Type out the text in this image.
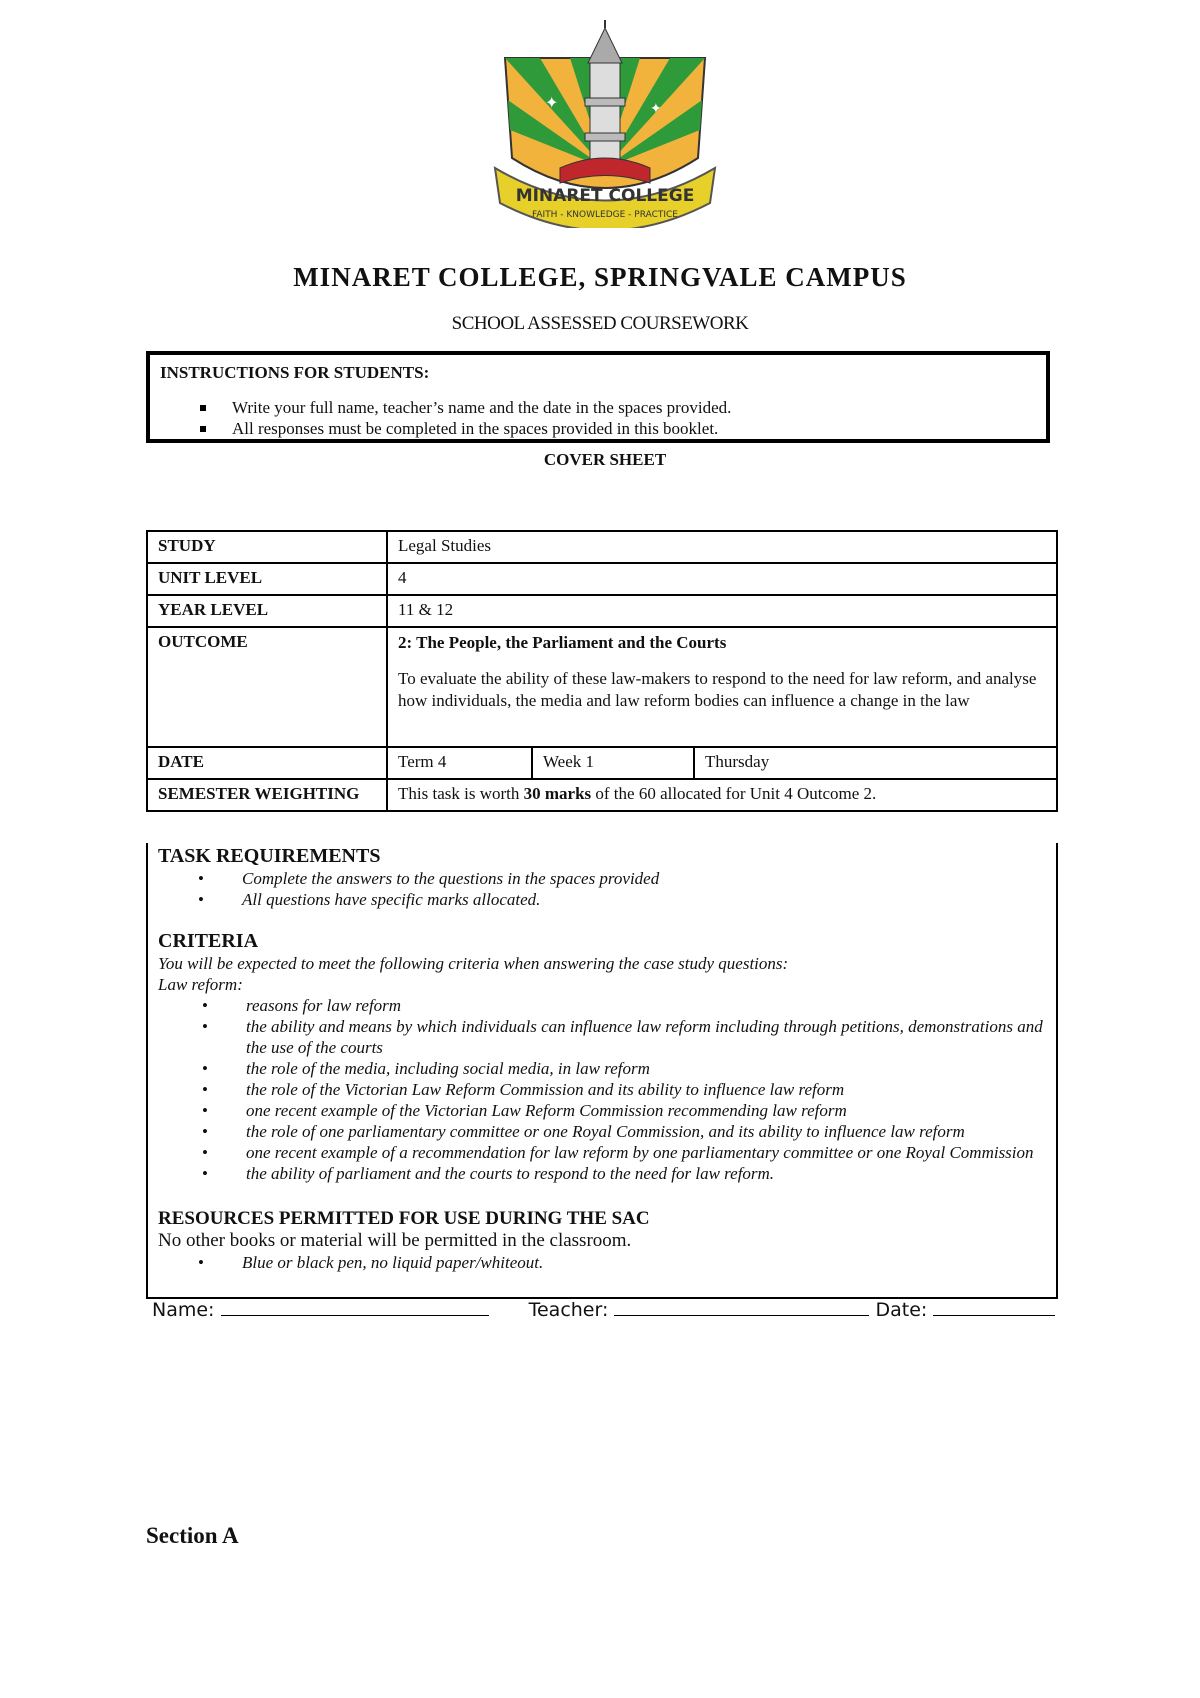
✦	✦
MINARET COLLEGE
FAITH - KNOWLEDGE - PRACTICE
MINARET COLLEGE, SPRINGVALE CAMPUS
SCHOOL ASSESSED COURSEWORK
INSTRUCTIONS FOR STUDENTS:
Write your full name, teacher’s name and the date in the spaces provided.
All responses must be completed in the spaces provided in this booklet.
COVER SHEET
STUDY	Legal Studies		
UNIT LEVEL	4		
YEAR LEVEL	11 & 12		
OUTCOME	2: The People, the Parliament and the Courts
To evaluate the ability of these law-makers to respond to the need for law reform, and analyse how individuals, the media and law reform bodies can influence a change in the law		

DATE	Term 4	Week 1	Thursday
SEMESTER WEIGHTING	This task is worth 30 marks of the 60 allocated for Unit 4 Outcome 2.		
TASK REQUIREMENTS
• Complete the answers to the questions in the spaces provided
• All questions have specific marks allocated.
CRITERIA
You will be expected to meet the following criteria when answering the case study questions:
Law reform:
• reasons for law reform
• the ability and means by which individuals can influence law reform including through petitions, demonstrations and the use of the courts
• the role of the media, including social media, in law reform
• the role of the Victorian Law Reform Commission and its ability to influence law reform
• one recent example of the Victorian Law Reform Commission recommending law reform
• the role of one parliamentary committee or one Royal Commission, and its ability to influence law reform
• one recent example of a recommendation for law reform by one parliamentary committee or one Royal Commission
• the ability of parliament and the courts to respond to the need for law reform.
RESOURCES PERMITTED FOR USE DURING THE SAC
No other books or material will be permitted in the classroom.
• Blue or black pen, no liquid paper/whiteout.
Name:	Teacher:	Date:
Section A
